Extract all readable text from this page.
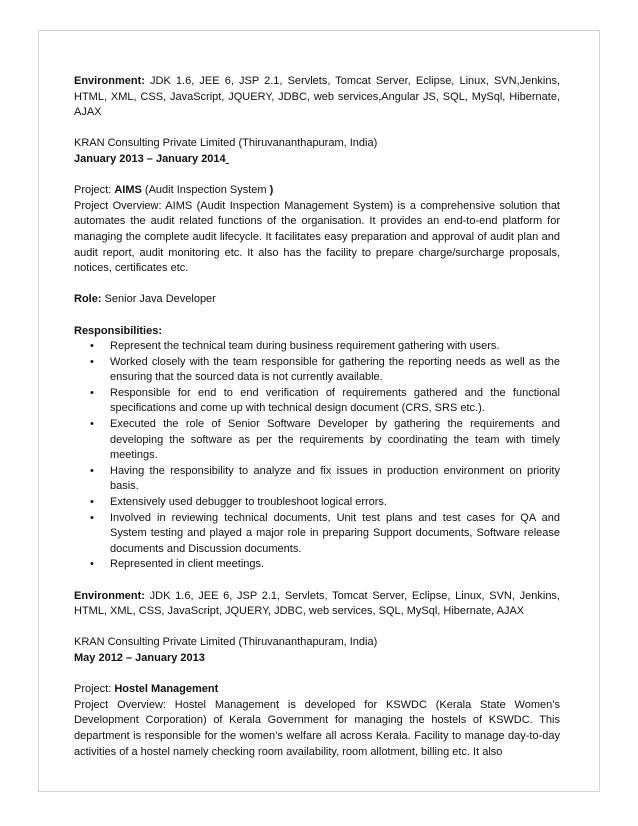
Environment: JDK 1.6, JEE 6, JSP 2.1, Servlets, Tomcat Server, Eclipse, Linux, SVN,Jenkins, HTML, XML, CSS, JavaScript, JQUERY, JDBC, web services,Angular JS, SQL, MySql, Hibernate, AJAX

KRAN Consulting Private Limited (Thiruvananthapuram, India)

January 2013 – January 2014

Project: AIMS (Audit Inspection System )

Project Overview: AIMS (Audit Inspection Management System) is a comprehensive solution that automates the audit related functions of the organisation. It provides an end-to-end platform for managing the complete audit lifecycle. It facilitates easy preparation and approval of audit plan and audit report, audit monitoring etc. It also has the facility to prepare charge/surcharge proposals, notices, certificates etc.

Role: Senior Java Developer

Responsibilities:

•	Represent the technical team during business requirement gathering with users.
•	Worked closely with the team responsible for gathering the reporting needs as well as the ensuring that the sourced data is not currently available.
•	Responsible for end to end verification of requirements gathered and the functional specifications and come up with technical design document (CRS, SRS etc.).
•	Executed the role of Senior Software Developer by gathering the requirements and developing the software as per the requirements by coordinating the team with timely meetings.
•	Having the responsibility to analyze and fix issues in production environment on priority basis.
•	Extensively used debugger to troubleshoot logical errors.
•	Involved in reviewing technical documents, Unit test plans and test cases for QA and System testing and played a major role in preparing Support documents, Software release documents and Discussion documents.
•	Represented in client meetings.

Environment: JDK 1.6, JEE 6, JSP 2.1, Servlets, Tomcat Server, Eclipse, Linux, SVN, Jenkins, HTML, XML, CSS, JavaScript, JQUERY, JDBC, web services, SQL, MySql, Hibernate, AJAX

KRAN Consulting Private Limited (Thiruvananthapuram, India)

May 2012 – January 2013

Project: Hostel Management

Project Overview: Hostel Management is developed for KSWDC (Kerala State Women’s Development Corporation) of Kerala Government for managing the hostels of KSWDC. This department is responsible for the women’s welfare all across Kerala. Facility to manage day-to-day activities of a hostel namely checking room availability, room allotment, billing etc. It also
